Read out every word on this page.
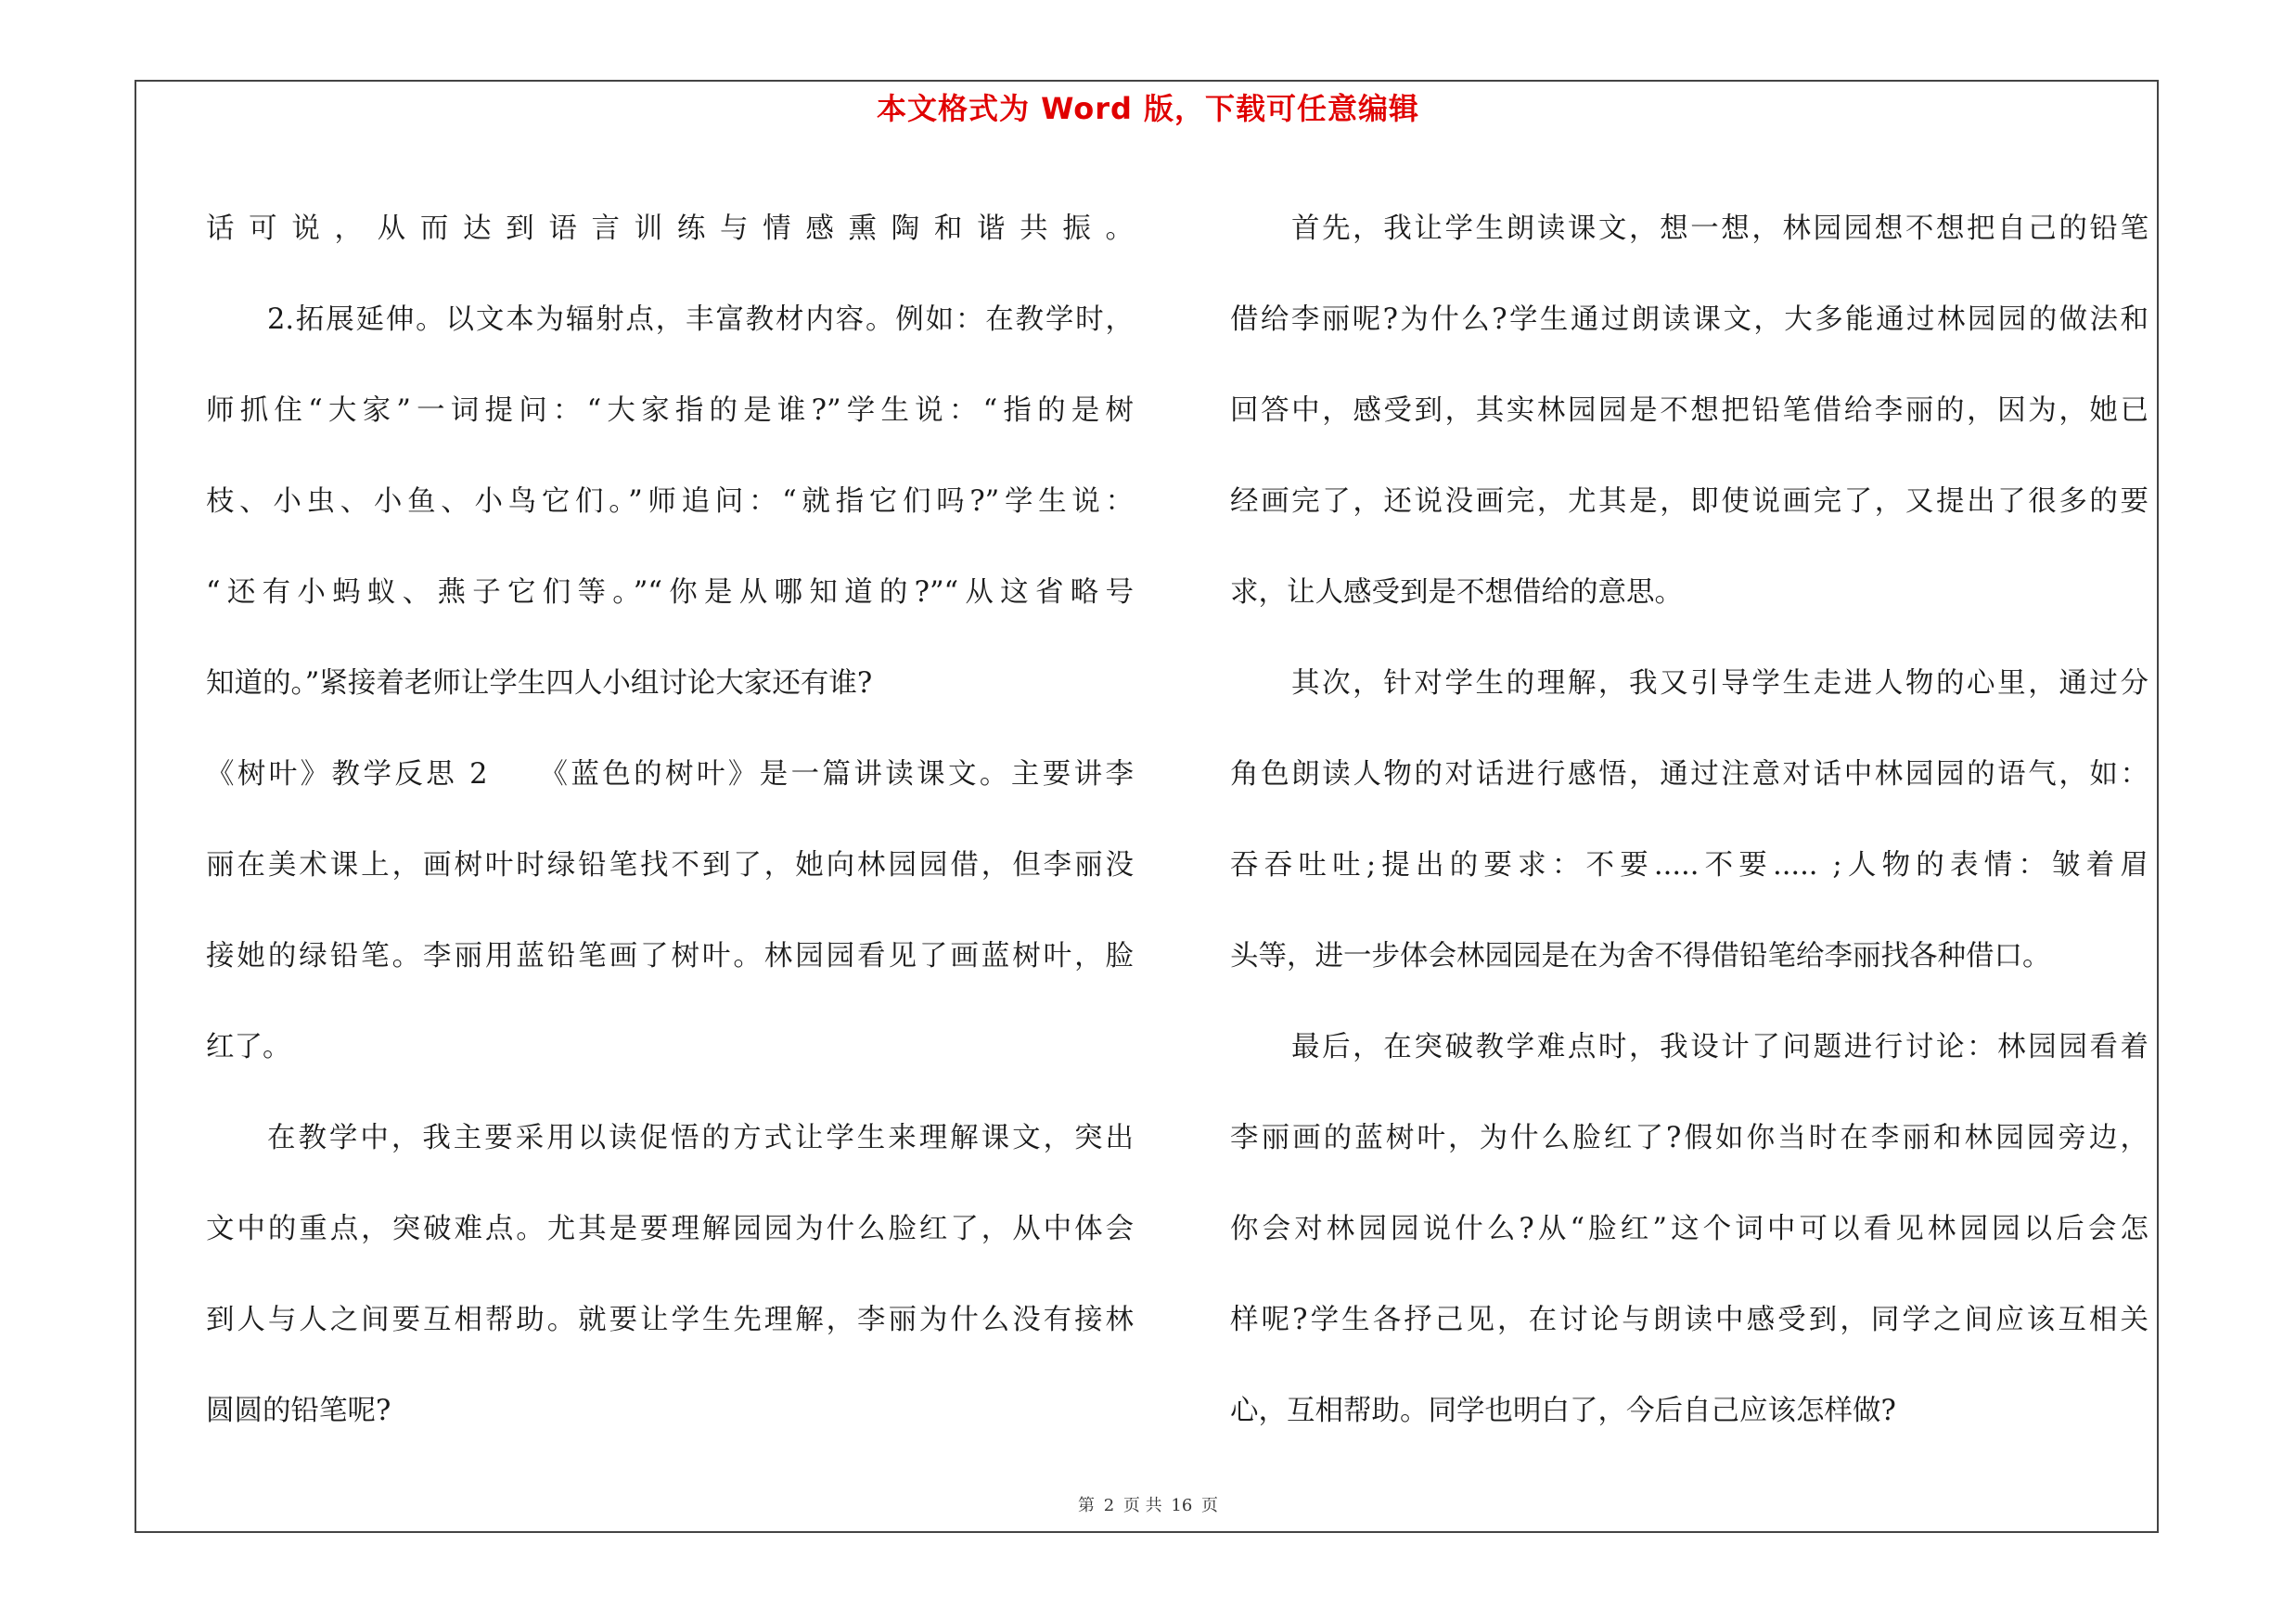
本文格式为 Word 版，下载可任意编辑
话可说，从而达到语言训练与情感熏陶和谐共振。
2.拓展延伸。以文本为辐射点，丰富教材内容。例如：在教学时，
师抓住“大家”一词提问：“大家指的是谁?”学生说：“指的是树
枝、小虫、小鱼、小鸟它们。”师追问：“就指它们吗?”学生说：
“还有小蚂蚁、燕子它们等。”“你是从哪知道的?”“从这省略号
知道的。”紧接着老师让学生四人小组讨论大家还有谁?
《树叶》教学反思 2　　《蓝色的树叶》是一篇讲读课文。主要讲李
丽在美术课上，画树叶时绿铅笔找不到了，她向林园园借，但李丽没
接她的绿铅笔。李丽用蓝铅笔画了树叶。林园园看见了画蓝树叶，脸
红了。
在教学中，我主要采用以读促悟的方式让学生来理解课文，突出
文中的重点，突破难点。尤其是要理解园园为什么脸红了，从中体会
到人与人之间要互相帮助。就要让学生先理解，李丽为什么没有接林
圆圆的铅笔呢?
首先，我让学生朗读课文，想一想，林园园想不想把自己的铅笔
借给李丽呢?为什么?学生通过朗读课文，大多能通过林园园的做法和
回答中，感受到，其实林园园是不想把铅笔借给李丽的，因为，她已
经画完了，还说没画完，尤其是，即使说画完了，又提出了很多的要
求，让人感受到是不想借给的意思。
其次，针对学生的理解，我又引导学生走进人物的心里，通过分
角色朗读人物的对话进行感悟，通过注意对话中林园园的语气，如：
吞吞吐吐;提出的要求：不要.....不要..... ;人物的表情：皱着眉
头等，进一步体会林园园是在为舍不得借铅笔给李丽找各种借口。
最后，在突破教学难点时，我设计了问题进行讨论：林园园看着
李丽画的蓝树叶，为什么脸红了?假如你当时在李丽和林园园旁边，
你会对林园园说什么?从“脸红”这个词中可以看见林园园以后会怎
样呢?学生各抒己见，在讨论与朗读中感受到，同学之间应该互相关
心，互相帮助。同学也明白了，今后自己应该怎样做?
第 2 页 共 16 页
